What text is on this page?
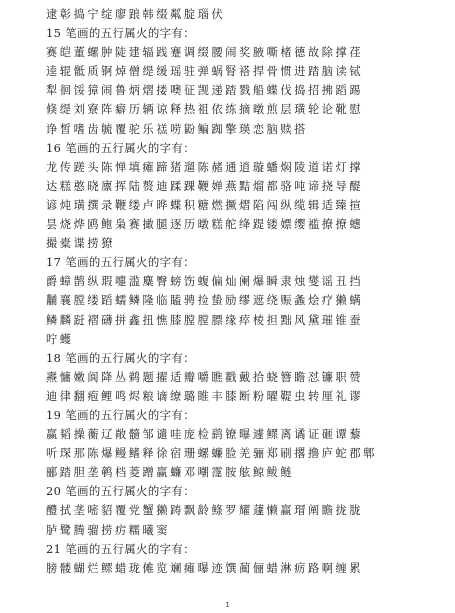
逮彰捣宁绽廖踉韩缀粼腚瑙伏
15 笔画的五行属火的字有：
赛皑董螺肿陡建辐践蹇调缀腰闹奖腋嘶楮德故除撑荏
逵辊骶质锕焯僧缇缓瑶驻弹蜗腎褡捍骨惯进踏脑读铽
犁徊馁獐闹鲁炳熠搂噢征觊递踏戮船蝶伐捣招拂蹈踢
倏缇刘寮阵癖历辆谅释热祖依练摘暾煎层璜轮论靴慰
诤皙嗜齿毓覆驼乐禚唠鼢鳊踟擎瑛恋脑赎搭
16 笔画的五行属火的字有：
龙传蹉头陈惮填瘫蹄猪遛陈赭通逍璇蟠焖陵道诺灯撑
达糕憨晓廪挥陆赘迪蹂踝鞭婵燕黠熘都骆吨谛挠导醍
谚炖璜撰录鞭缕卢晔蝶积糖燃撅熠陷闯纵缆辑适臻揎
昙烧烨鸥鲍枭赛撖腿逐历暾糕舵绛踶镂嫖缨褴撩撩蟪
撮橐谍捞獠
17 笔画的五行属火的字有：
爵蟑鹊纵瑕嚏滥麋臀螃饬蝮偏灿阑爆瞬隶烛燮谣丑挡
黼襄膛缕蹈蠕鳞隆临瞌骋捡蛰励缪遮绕赈螽烩疗獭螨
鳞麟跹褶礴拼鑫扭憔膝膛膛膘缘瘁棱担黜风黛璀锥蚕
咛蠖
18 笔画的五行属火的字有：
燾慵嫩阆降丛鹈题擢适瓣嚼瞧戳戴拾蛲簪瞻怼镰职赞
迪律翻疱鲤鸣烬粮谪缭璐睢丰膝断粉曜鞮虫转厘礼谬
19 笔画的五行属火的字有：
赢韬操蘅辽敞髓邹谴哇庞检鹞镣曝遽鳏离谲证砸谭藜
听琛那陈爆鳗鳍释徐宿珊螺蠊脸羌骊郑刷撂撸庐蛇郡郫
郦踏胆垄鹌档菱蹭赢蠊邓嘲霪胺舷鲸鲅鲢
20 笔画的五行属火的字有：
醴拭垄嘧貂覆党蟹獭踌飘龄鲦罗耀蘧懒赢瑁阐瞻拢胧
胪鹭腾骝捞疠糯曦窦
21 笔画的五行属火的字有：
膀髅蝴烂鳏蜡珑傩览斓瘫曝迹馔蔺俪蜡淋疬路啊缠累
1
